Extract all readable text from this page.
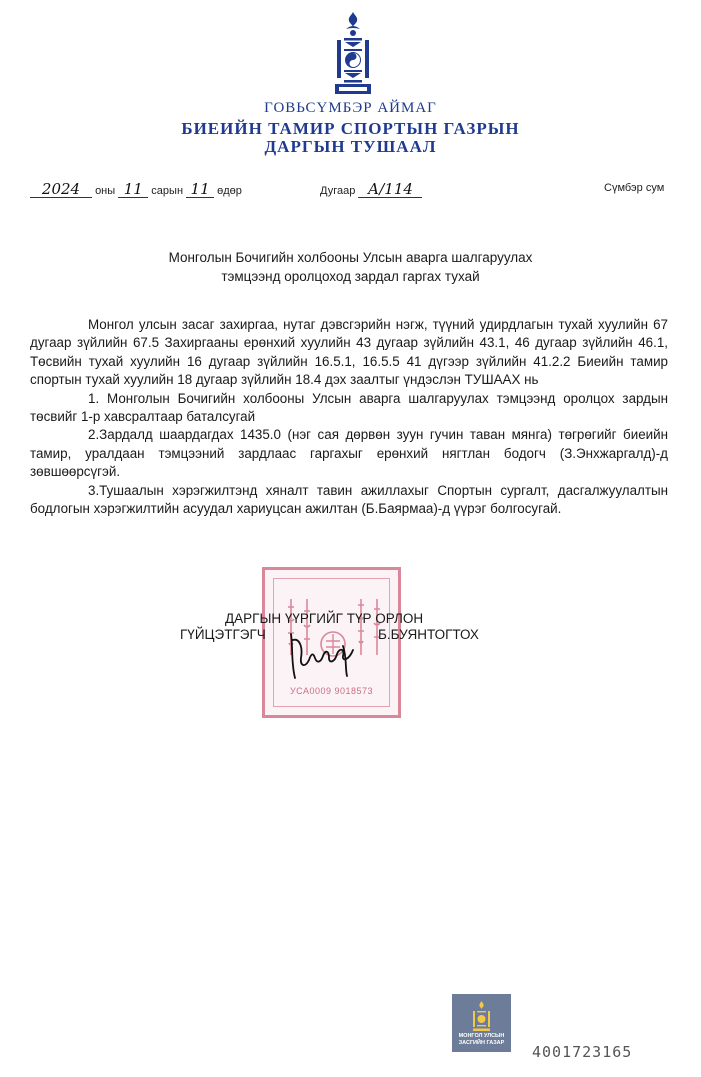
ГОВЬСҮМБЭР АЙМАГ
БИЕИЙН ТАМИР СПОРТЫН ГАЗРЫН
ДАРГЫН ТУШААЛ
2024 оны 11 сарын 11 өдөр	Дугаар А/114	Сүмбэр сум
Монголын Бочигийн холбооны Улсын аварга шалгаруулах
тэмцээнд оролцоход зардал гаргах тухай

Монгол улсын засаг захиргаа, нутаг дэвсгэрийн нэгж, түүний удирдлагын тухай хуулийн 67 дугаар зүйлийн 67.5 Захиргааны ерөнхий хуулийн 43 дугаар зүйлийн 43.1, 46 дугаар зүйлийн 46.1, Төсвийн тухай хуулийн 16 дугаар зүйлийн 16.5.1, 16.5.5 41 дүгээр зүйлийн 41.2.2 Биеийн тамир спортын тухай хуулийн 18 дугаар зүйлийн 18.4 дэх заалтыг үндэслэн ТУШААХ нь

1. Монголын Бочигийн холбооны Улсын аварга шалгаруулах тэмцээнд оролцох зардын төсвийг 1-р хавсралтаар баталсугай

2.Зардалд шаардагдах 1435.0 (нэг сая дөрвөн зуун гучин таван мянга) төгрөгийг биеийн тамир, уралдаан тэмцээний зардлаас гаргахыг ерөнхий нягтлан бодогч (З.Энхжаргалд)-д зөвшөөрсүгэй.

3.Тушаалын хэрэгжилтэнд хяналт тавин ажиллахыг Спортын сургалт, дасгалжуулалтын бодлогын хэрэгжилтийн асуудал хариуцсан ажилтан (Б.Баярмаа)-д үүрэг болгосугай.

УСА0009 9018573
ДАРГЫН ҮҮРГИЙГ ТҮР ОРЛОН
ГҮЙЦЭТГЭГЧ	Б.БУЯНТОГТОХ
МОНГОЛ УЛСЫН
ЗАСГИЙН ГАЗАР
4001723165
